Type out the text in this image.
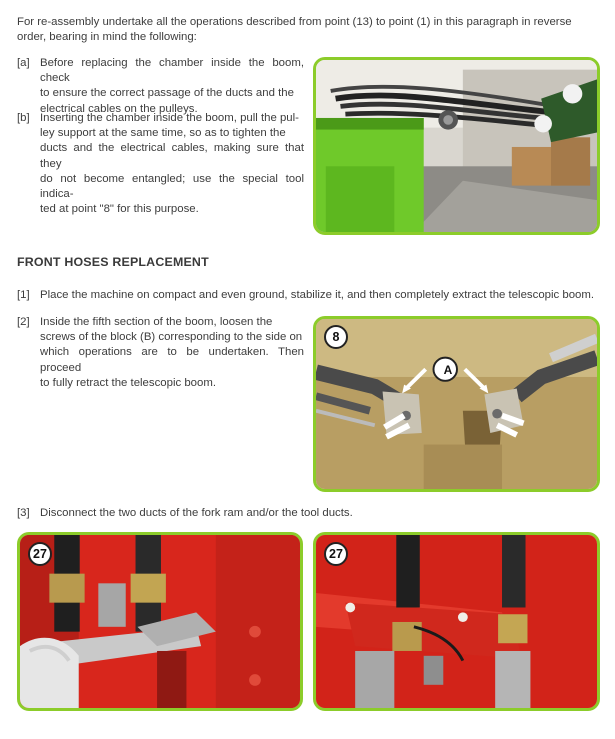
For re-assembly undertake all the operations described from point (13) to point (1) in this paragraph in reverse order, bearing in mind the following:
[a] Before replacing the chamber inside the boom, check
to ensure the correct passage of the ducts and the
electrical cables on the pulleys.
[b] Inserting the chamber inside the boom, pull the pul-
ley support at the same time, so as to tighten the
ducts and the electrical cables, making sure that they
do not become entangled; use the special tool indica-
ted at point "8" for this purpose.
FRONT HOSES REPLACEMENT
[1] Place the machine on compact and even ground, stabilize it, and then completely extract the telescopic boom.
[2] Inside the fifth section of the boom, loosen the
screws of the block (B) corresponding to the side on
which operations are to be undertaken. Then proceed
to fully retract the telescopic boom.
A
8
[3] Disconnect the two ducts of the fork ram and/or the tool ducts.
27	27
